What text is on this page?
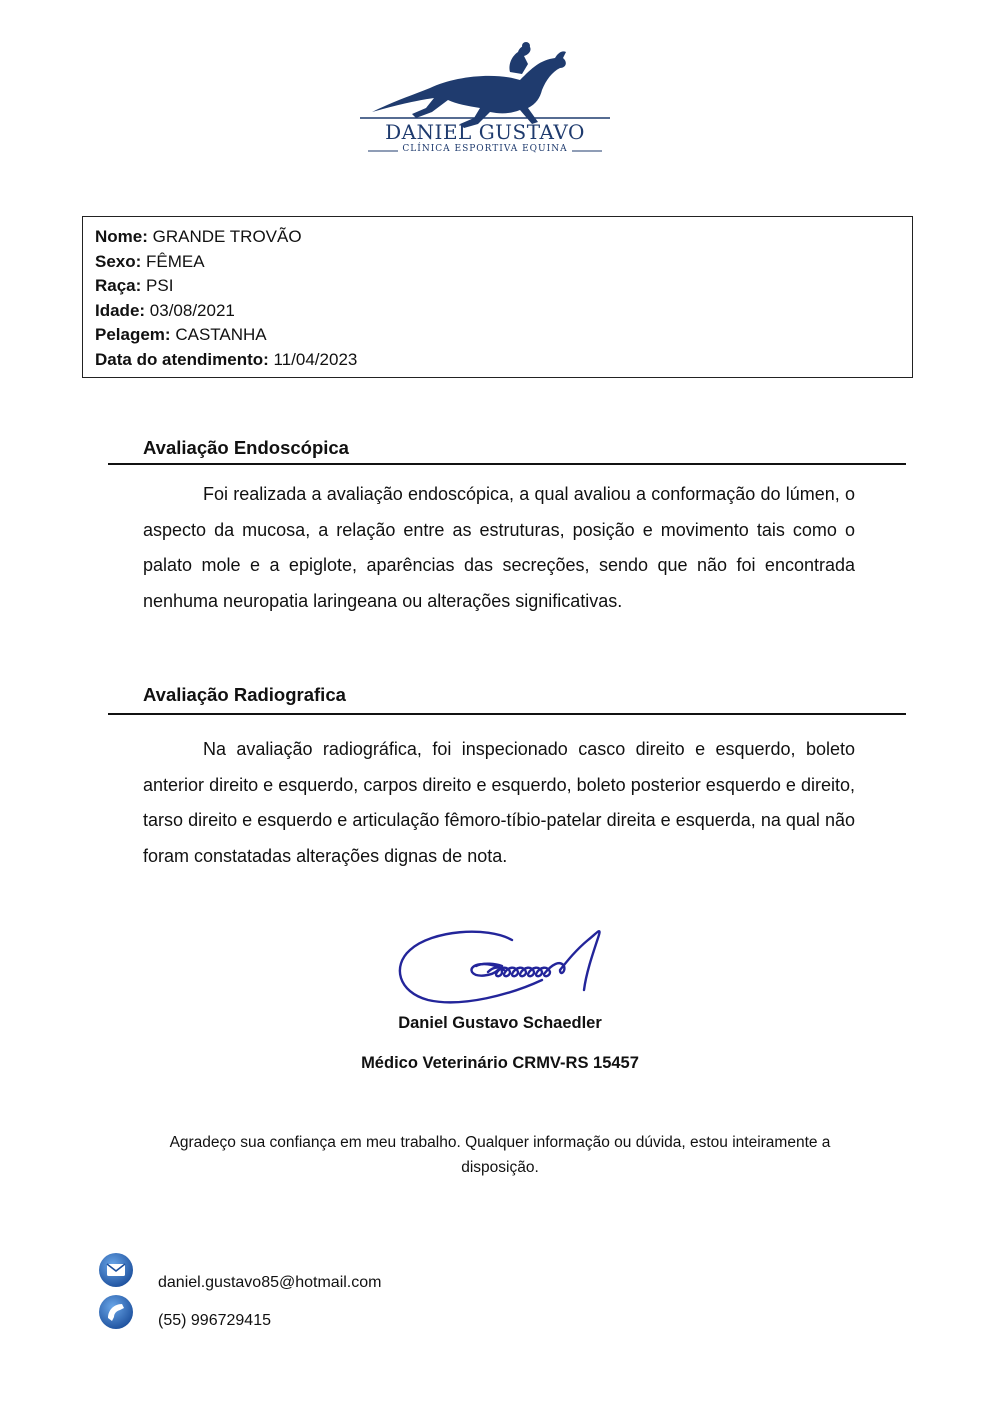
DANIEL GUSTAVO
CLÍNICA ESPORTIVA EQUINA
Nome: GRANDE TROVÃO
Sexo: FÊMEA
Raça: PSI
Idade: 03/08/2021
Pelagem: CASTANHA
Data do atendimento: 11/04/2023
Avaliação Endoscópica
Foi realizada a avaliação endoscópica, a qual avaliou a conformação do lúmen, o aspecto da mucosa, a relação entre as estruturas, posição e movimento tais como o palato mole e a epiglote, aparências das secreções, sendo que não foi encontrada nenhuma neuropatia laringeana ou alterações significativas.
Avaliação Radiografica
Na avaliação radiográfica, foi inspecionado casco direito e esquerdo, boleto anterior direito e esquerdo, carpos direito e esquerdo, boleto posterior esquerdo e direito, tarso direito e esquerdo e articulação fêmoro-tíbio-patelar direita e esquerda, na qual não foram constatadas alterações dignas de nota.
Daniel Gustavo Schaedler
Médico Veterinário CRMV-RS 15457
Agradeço sua confiança em meu trabalho. Qualquer informação ou dúvida, estou inteiramente a disposição.
daniel.gustavo85@hotmail.com
(55) 996729415
